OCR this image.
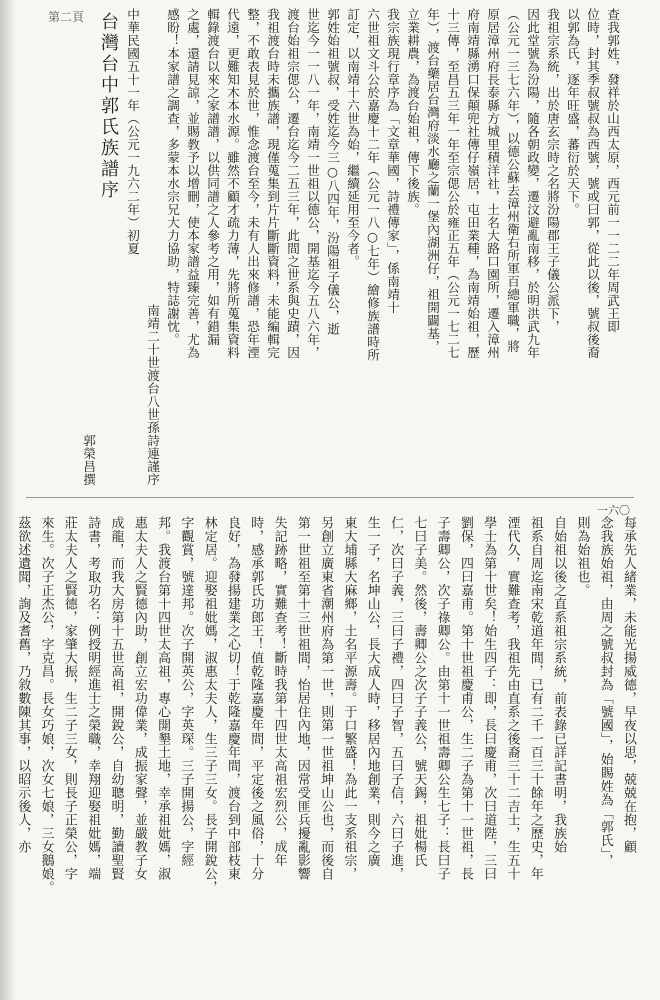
第二頁	查我郭姓，發祥於山西太原，西元前一一二二年周武王即
位時，封其季叔號叔為西號，號或曰郭，從此以後，號叔後裔
以郭為氏，逐年旺盛，蕃衍於天下。
我祖宗系統，出於唐玄宗時之名將汾陽郡王子儀公派下，
因此堂號為汾陽，隨各朝政變，遷汶避亂南移，於明洪武九年
（公元一三七六年），以德公蘇去漳州衛右所軍百總軍職，將
原居漳州府長泰縣方城里積洋社，土名大路口園所，遷入漳州
府南靖縣湧口保顛兜社傳仔嶺居，屯田業種，為南靖始祖，歷
十三傳，至昌五三年一年至宗偲公於雍正五年（公元一七二七
年），渡台藥居台灣府淡水廳之蘭一堡內湖洲仔，祖開闢基，
立業耕農，為渡台始祖，傳下後族。
我宗族現行章序為「文章華國，詩禮傳家」，係南靖十
六世祖文斗公於嘉慶十二年（公元一八○七年）繪修族譜時所
訂定，以南靖十六世為始，繼續延用至今者。
郭姓始祖號叔，受姓迄今三○八四年，汾陽祖子儀公，逝
世迄今一一八一年，南靖一世祖以德公，開基迄今五八六年，
渡台始祖宗偲公，遷台迄今二五三年，此間之世系與史蹟，因
我祖渡台時未攜族譜，現僅蒐集到片片斷斷資料，未能編輯完
整，不敢表見於世，惟念渡台至今，未有人出來修譜，恐年湮
代遠，更難知木本水源。雖然不顧才疏力薄，先將所蒐集資料
輯錄渡台以來之家譜譜，以供同譜之人參考之用，如有錯漏
之處，還請見諒，並賜教予以增刪，使本家譜益臻完善，尤為
感盼！本家譜之調查，多蒙本水宗兄大力協助，特誌謝忱。
南靖二十世渡台八世孫詩連謹序
中華民國五十一年（公元一九六二年）初夏
台灣台中郭氏族譜序
郭榮昌撰
一六〇
每承先人緒業，未能光揚威德，早夜以思，兢兢在抱，顧
念我族始祖，由周之號叔封為「號國」，始賜姓為「郭氏」，
則為始祖也。
自始祖以後之直系祖宗系統，前表錄已詳記書明，我族始
祖系自周迄南宋乾道年間，已有二千一百三十餘年之歷史，年
湮代久，實難查考，我祖先由直系之後裔三十二吉士，生五十
學士為第十世矣！始生四子：即，長曰慶甫，次曰道陛，三曰
劉保，四曰嘉甫。第十世祖慶甫公，生二子為第十一世祖，長
子壽卿公，次子祿卿公。由第十一世祖壽卿公生七子：長曰子
七曰子美。然後，壽卿公之次子子義公，號天錫，祖妣楊氏
仁，次曰子義，三曰子禮，四曰子智，五曰子信，六曰子進，
生一子，名坤山公，長大成人時，移居內地創業，則今之廣
東大埔縣大麻鄉，土名平源壽。于口繁盛！為此一支系祖宗，
另創立廣東省潮州府為第一世，則第一世祖坤山公也，而後自
第一世祖至第十三世祖間，怡居住內地，因常受匪兵擾亂影響
失記跡略，實難查考！斷時我第十四世太高祖宏烈公，成年
時，感承郭氏功郎王！值乾隆嘉慶年間，平定後之風俗，十分
良好，為發揚建業之心切！于乾隆嘉慶年間，渡台到中部枝東
林定居。迎娶祖妣媽，淑惠太夫人，生三子三女。長子開銳公，
字觀賞，號達邦。次子開英公，字英琛。三子開揚公，字經
邦。我渡台第十四世太高祖，專心開墾土地，幸承祖妣媽，淑
惠太夫人之賢德內助，創立宏功偉業，成振家聲，並嚴教子女
成龍，而我大房第十五世高祖，開銳公，自幼聰明，勤讀聖賢
詩書，考取功名：例授明經進士之榮職，幸翔迎娶祖妣媽，端
莊太夫人之賢德，家肇大振，生二子三女，則長子正榮公，字
來生。次子正杰公，字克昌。長女巧娘，次女七娘，三女鵝娘。
茲欲述遺聞，詢及耆舊，乃敘數陳其事，以昭示後人，亦
